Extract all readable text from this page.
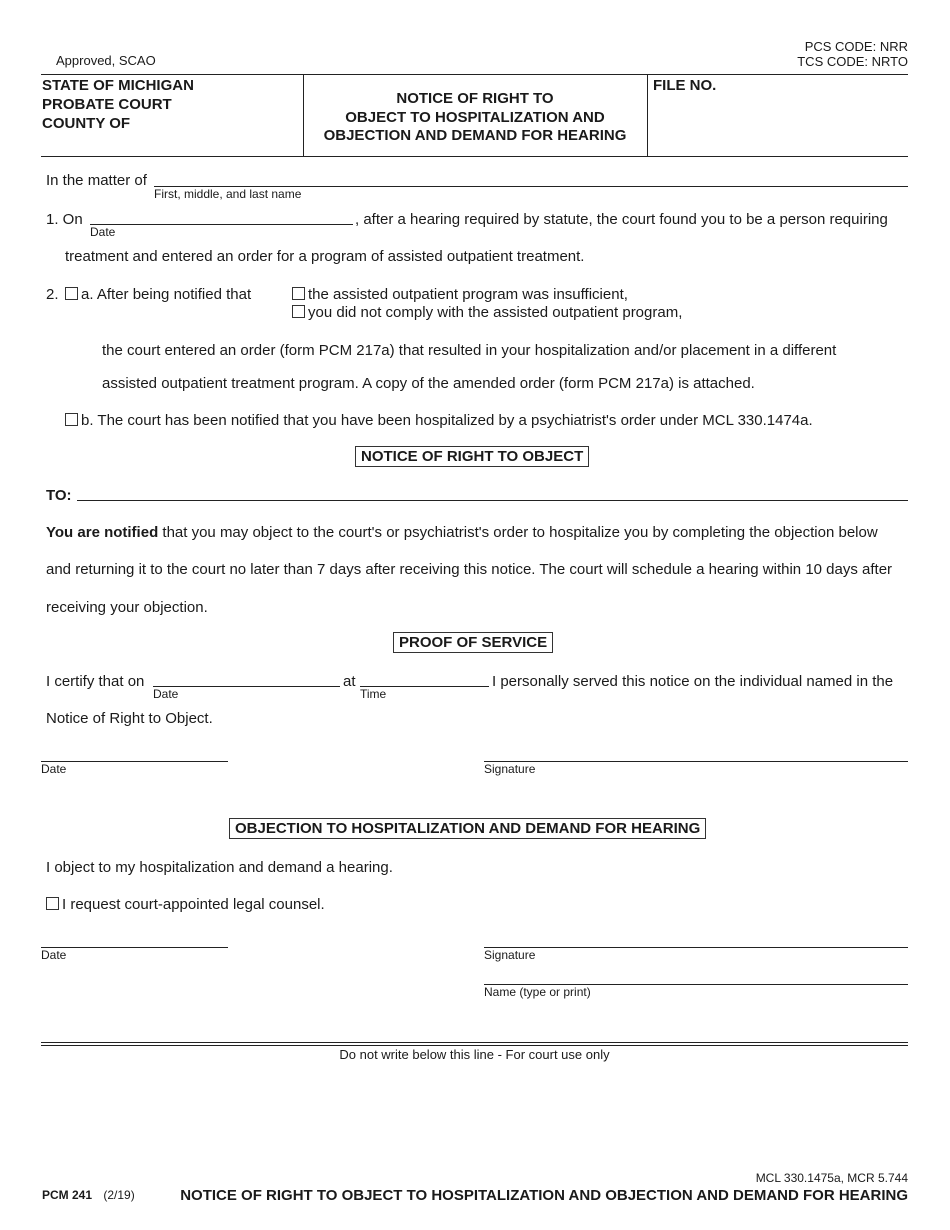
Approved, SCAO
PCS CODE: NRR
TCS CODE: NRTO
STATE OF MICHIGAN
PROBATE COURT
COUNTY OF
NOTICE OF RIGHT TO
OBJECT TO HOSPITALIZATION AND
OBJECTION AND DEMAND FOR HEARING
FILE NO.
In the matter of
First, middle, and last name
1. On
Date
, after a hearing required by statute, the court found you to be a person requiring
treatment and entered an order for a program of assisted outpatient treatment.
2.	a. After being notified that	the assisted outpatient program was insufficient,
you did not comply with the assisted outpatient program,
the court entered an order (form PCM 217a) that resulted in your hospitalization and/or placement in a different
assisted outpatient treatment program. A copy of the amended order (form PCM 217a) is attached.
b. The court has been notified that you have been hospitalized by a psychiatrist's order under MCL 330.1474a.
NOTICE OF RIGHT TO OBJECT
TO:
You are notified that you may object to the court's or psychiatrist's order to hospitalize you by completing the objection below
and returning it to the court no later than 7 days after receiving this notice. The court will schedule a hearing within 10 days after
receiving your objection.
PROOF OF SERVICE
I certify that on
Date
at
Time
I personally served this notice on the individual named in the
Notice of Right to Object.
Date	Signature
OBJECTION TO HOSPITALIZATION AND DEMAND FOR HEARING
I object to my hospitalization and demand a hearing.
I request court-appointed legal counsel.
Date	Signature
Name (type or print)
Do not write below this line - For court use only
MCL 330.1475a, MCR 5.744
PCM 241 (2/19)	NOTICE OF RIGHT TO OBJECT TO HOSPITALIZATION AND OBJECTION AND DEMAND FOR HEARING
